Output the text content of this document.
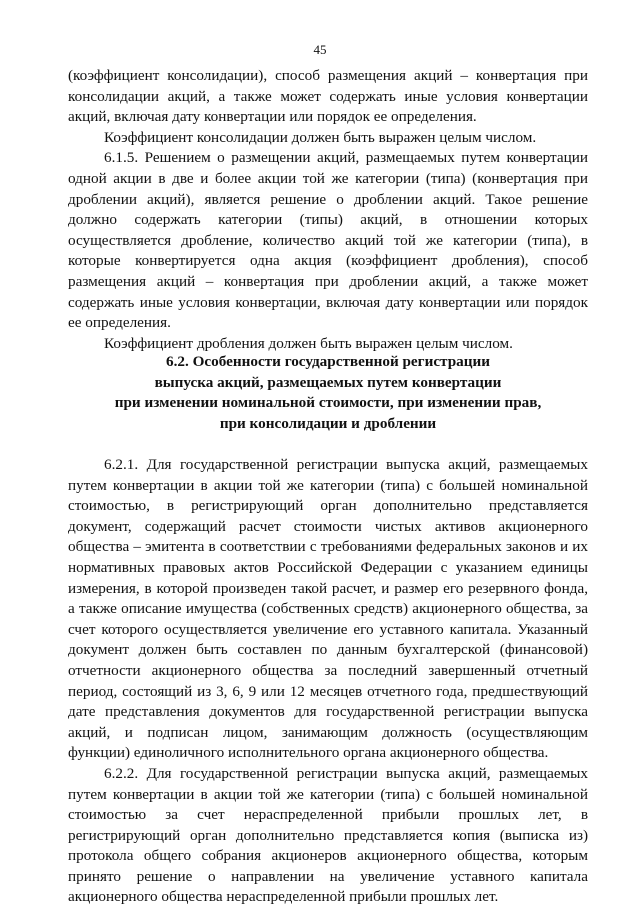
45

(коэффициент консолидации), способ размещения акций – конвертация при консолидации акций, а также может содержать иные условия конвертации акций, включая дату конвертации или порядок ее определения.

Коэффициент консолидации должен быть выражен целым числом.

6.1.5. Решением о размещении акций, размещаемых путем конвертации одной акции в две и более акции той же категории (типа) (конвертация при дроблении акций), является решение о дроблении акций. Такое решение должно содержать категории (типы) акций, в отношении которых осуществляется дробление, количество акций той же категории (типа), в которые конвертируется одна акция (коэффициент дробления), способ размещения акций – конвертация при дроблении акций, а также может содержать иные условия конвертации, включая дату конвертации или порядок ее определения.

Коэффициент дробления должен быть выражен целым числом.

6.2. Особенности государственной регистрации
выпуска акций, размещаемых путем конвертации
при изменении номинальной стоимости, при изменении прав,
при консолидации и дроблении

6.2.1. Для государственной регистрации выпуска акций, размещаемых путем конвертации в акции той же категории (типа) с большей номинальной стоимостью, в регистрирующий орган дополнительно представляется документ, содержащий расчет стоимости чистых активов акционерного общества – эмитента в соответствии с требованиями федеральных законов и их нормативных правовых актов Российской Федерации с указанием единицы измерения, в которой произведен такой расчет, и размер его резервного фонда, а также описание имущества (собственных средств) акционерного общества, за счет которого осуществляется увеличение его уставного капитала. Указанный документ должен быть составлен по данным бухгалтерской (финансовой) отчетности акционерного общества за последний завершенный отчетный период, состоящий из 3, 6, 9 или 12 месяцев отчетного года, предшествующий дате представления документов для государственной регистрации выпуска акций, и подписан лицом, занимающим должность (осуществляющим функции) единоличного исполнительного органа акционерного общества.

6.2.2. Для государственной регистрации выпуска акций, размещаемых путем конвертации в акции той же категории (типа) с большей номинальной стоимостью за счет нераспределенной прибыли прошлых лет, в регистрирующий орган дополнительно представляется копия (выписка из) протокола общего собрания акционеров акционерного общества, которым принято решение о направлении на увеличение уставного капитала акционерного общества нераспределенной прибыли прошлых лет.
